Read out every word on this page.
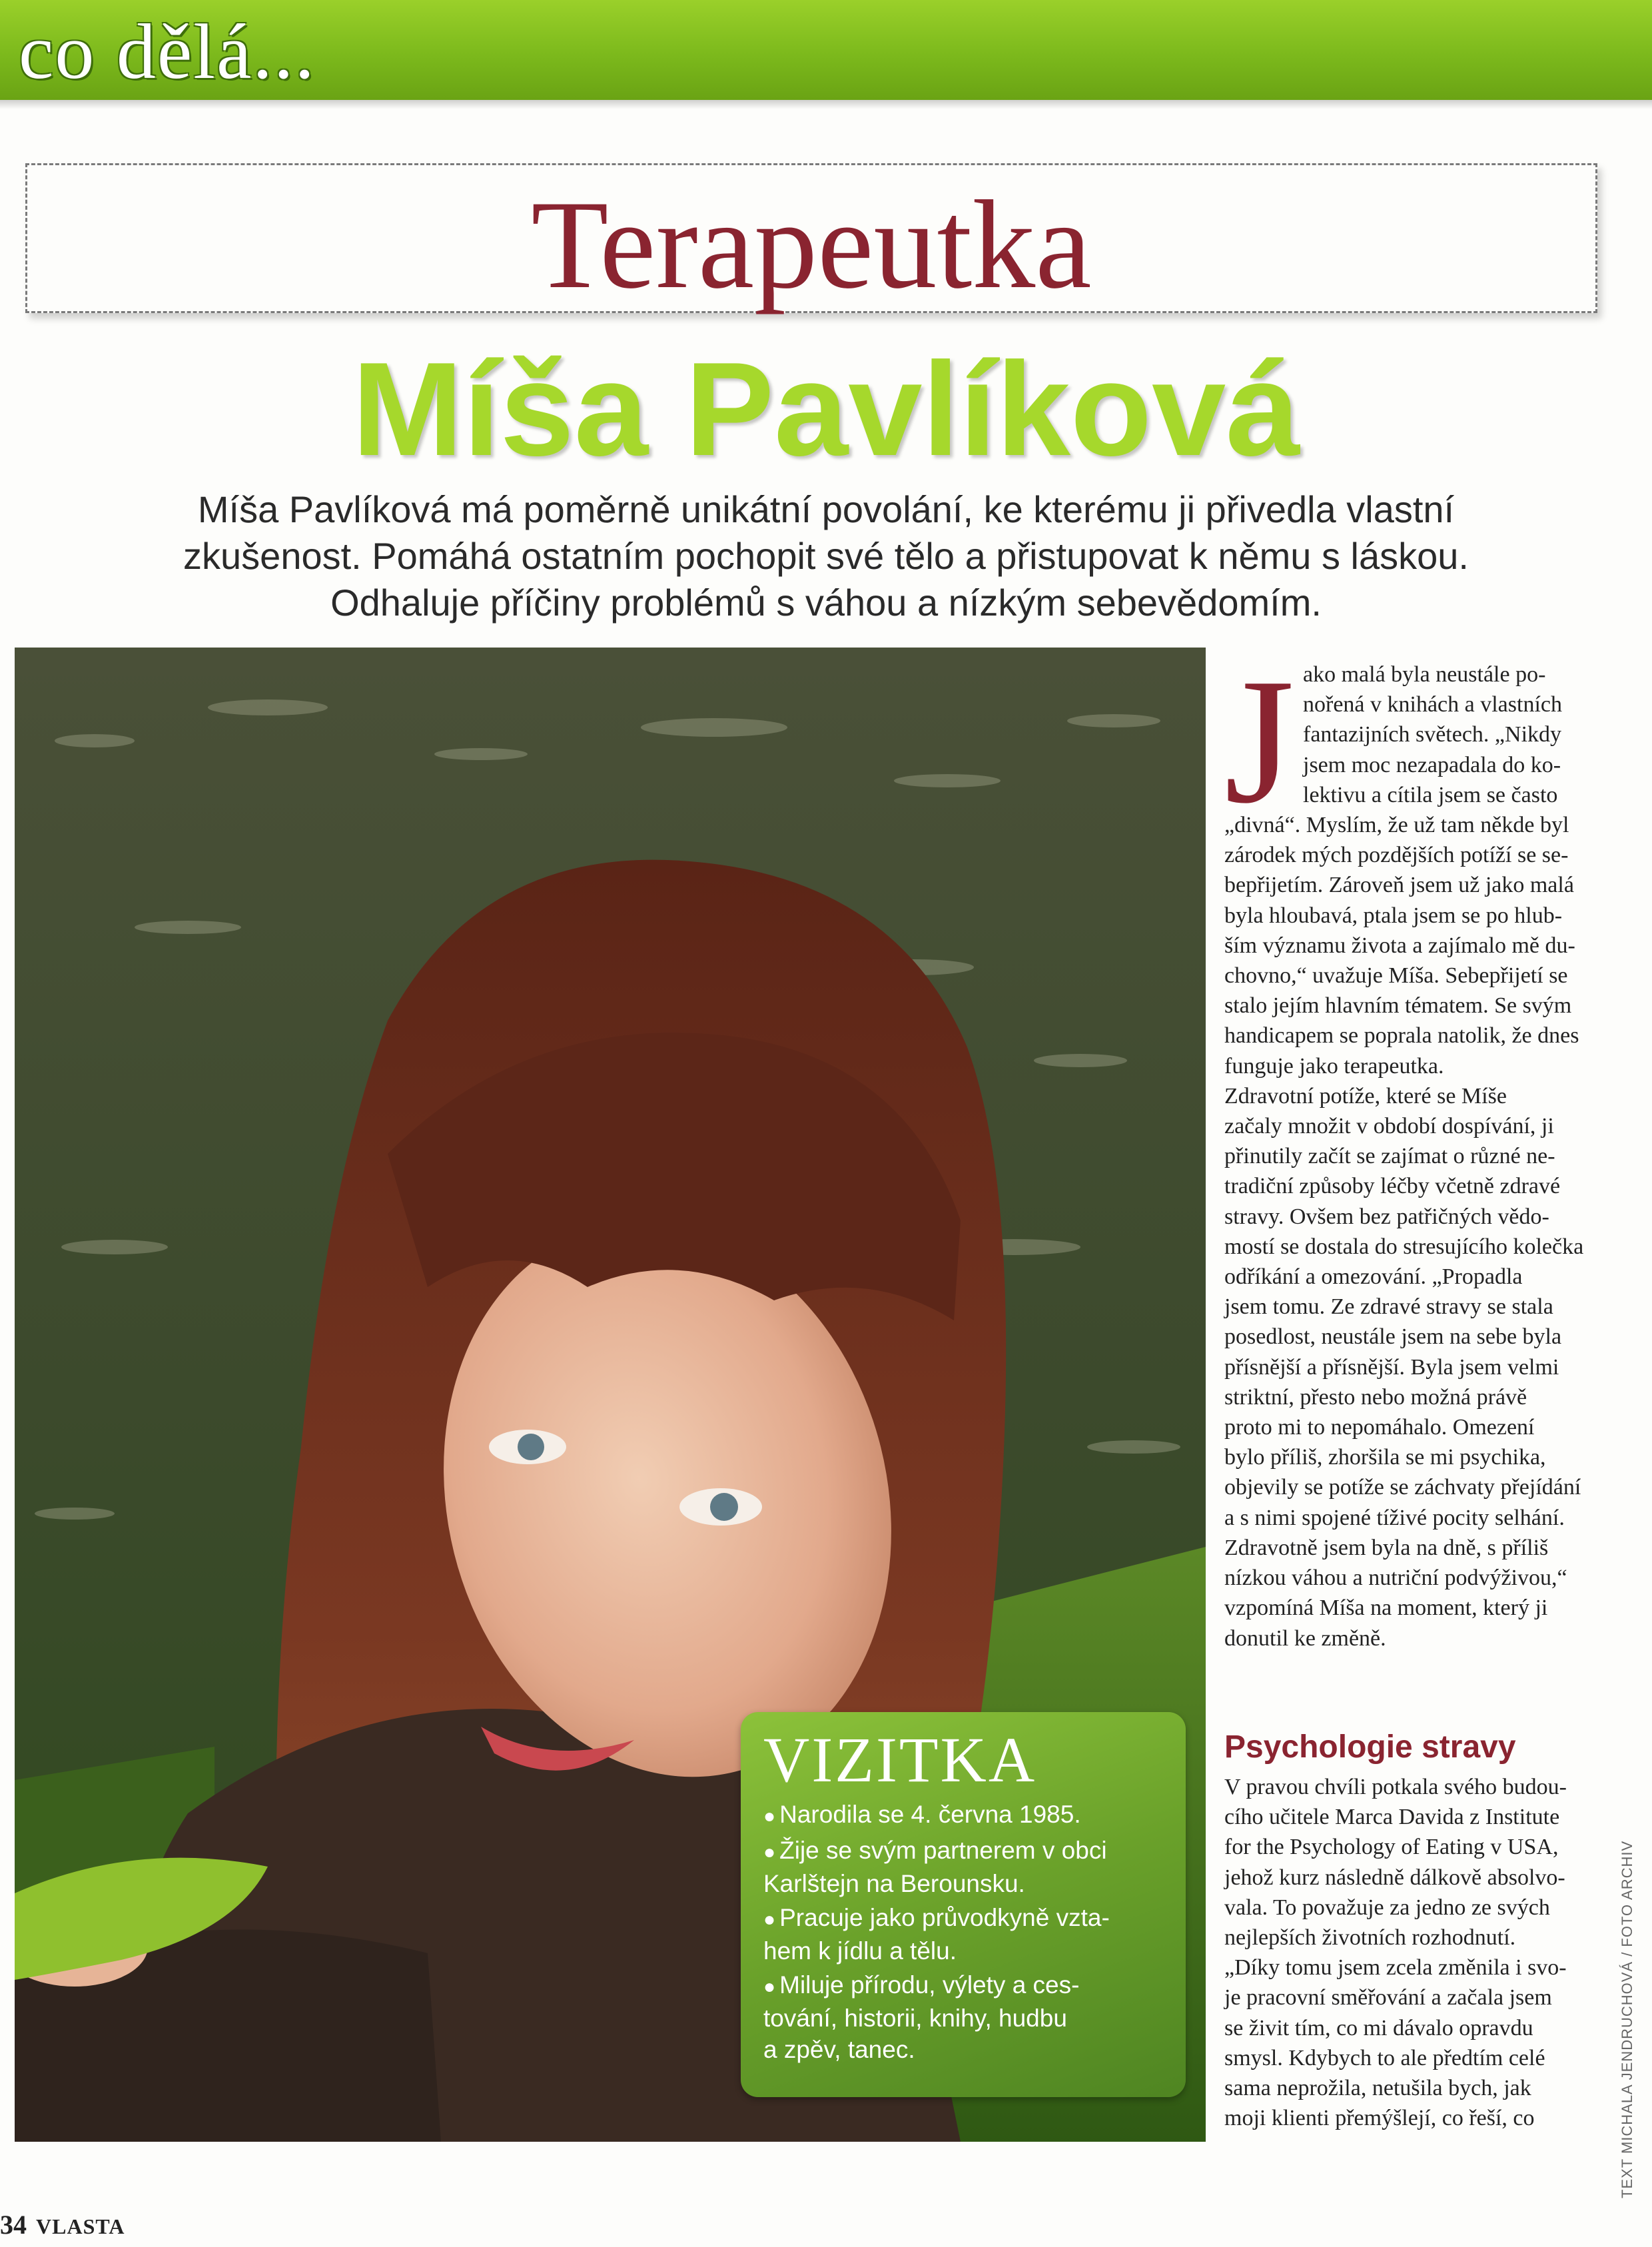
co dělá...
Terapeutka
Míša Pavlíková
Míša Pavlíková má poměrně unikátní povolání, ke kterému ji přivedla vlastní
zkušenost. Pomáhá ostatním pochopit své tělo a přistupovat k němu s láskou.
Odhaluje příčiny problémů s váhou a nízkým sebevědomím.
VIZITKA
● Narodila se 4. června 1985.
● Žije se svým partnerem v obci
Karlštejn na Berounsku.
● Pracuje jako průvodkyně vzta-
hem k jídlu a tělu.
● Miluje přírodu, výlety a ces-
tování, historii, knihy, hudbu
a zpěv, tanec.
J ako malá byla neustále po-
nořená v knihách a vlastních
fantazijních světech. „Nikdy
jsem moc nezapadala do ko-
lektivu a cítila jsem se často
„divná“. Myslím, že už tam někde byl
zárodek mých pozdějších potíží se se-
bepřijetím. Zároveň jsem už jako malá
byla hloubavá, ptala jsem se po hlub-
ším významu života a zajímalo mě du-
chovno,“ uvažuje Míša. Sebepřijetí se
stalo jejím hlavním tématem. Se svým
handicapem se poprala natolik, že dnes
funguje jako terapeutka.
Zdravotní potíže, které se Míše
začaly množit v období dospívání, ji
přinutily začít se zajímat o různé ne-
tradiční způsoby léčby včetně zdravé
stravy. Ovšem bez patřičných vědo-
mostí se dostala do stresujícího kolečka
odříkání a omezování. „Propadla
jsem tomu. Ze zdravé stravy se stala
posedlost, neustále jsem na sebe byla
přísnější a přísnější. Byla jsem velmi
striktní, přesto nebo možná právě
proto mi to nepomáhalo. Omezení
bylo příliš, zhoršila se mi psychika,
objevily se potíže se záchvaty přejídání
a s nimi spojené tíživé pocity selhání.
Zdravotně jsem byla na dně, s příliš
nízkou váhou a nutriční podvýživou,“
vzpomíná Míša na moment, který ji
donutil ke změně.
Psychologie stravy
V pravou chvíli potkala svého budou-
cího učitele Marca Davida z Institute
for the Psychology of Eating v USA,
jehož kurz následně dálkově absolvo-
vala. To považuje za jedno ze svých
nejlepších životních rozhodnutí.
„Díky tomu jsem zcela změnila i svo-
je pracovní směřování a začala jsem
se živit tím, co mi dávalo opravdu
smysl. Kdybych to ale předtím celé
sama neprožila, netušila bych, jak
moji klienti přemýšlejí, co řeší, co	TEXT MICHALA JENDRUCHOVÁ / FOTO ARCHIV
34 VLASTA
